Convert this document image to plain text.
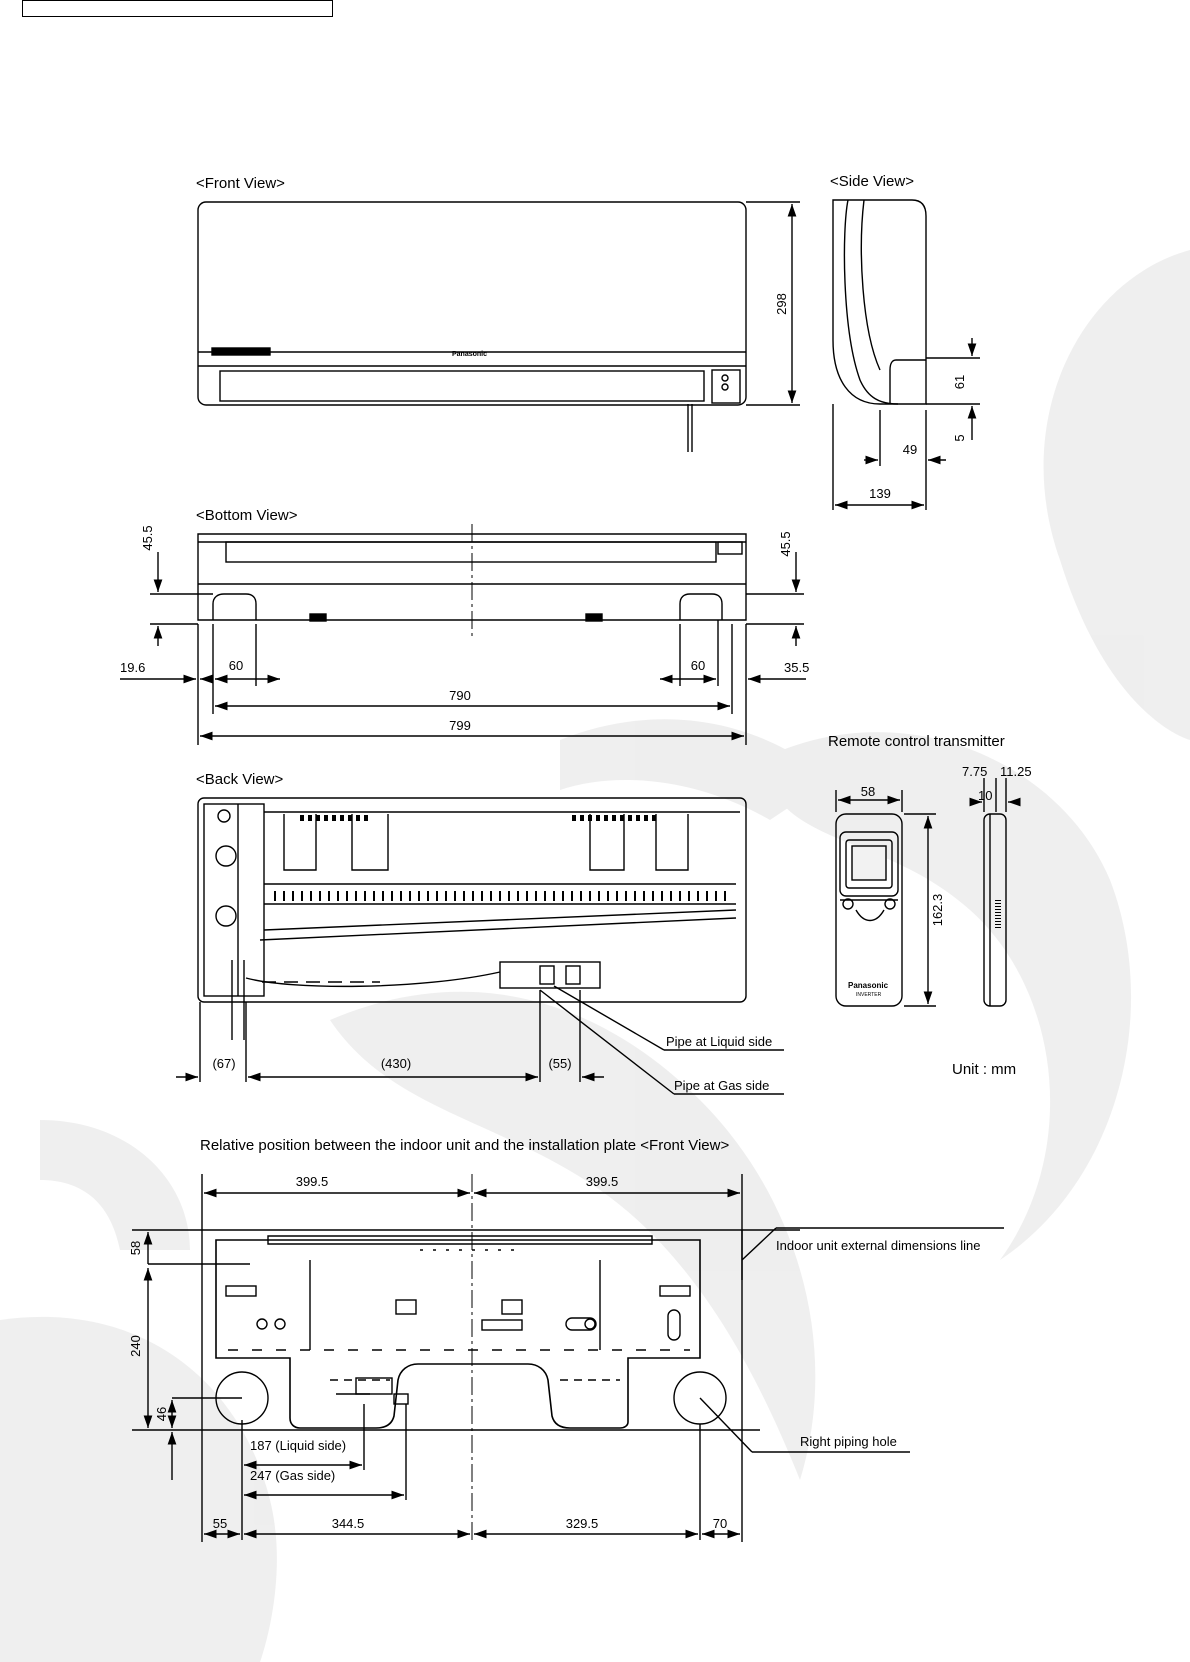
<Front View>	<Side View>
<Bottom View>
<Back View>
Remote control transmitter
Relative position between the indoor unit and the installation plate <Front View>
Unit : mm
Panasonic
Panasonic
INVERTER
298
61
5
49
139
45.5	45.5
19.6	60	60	35.5
790
799
(67)	(430)	(55)
Pipe at Liquid side
Pipe at Gas side
58
162.3
7.75 11.25
10
399.5	399.5
58
240
46
187 (Liquid side)
247 (Gas side)
55	344.5	329.5	70
Indoor unit external dimensions line
Right piping hole
